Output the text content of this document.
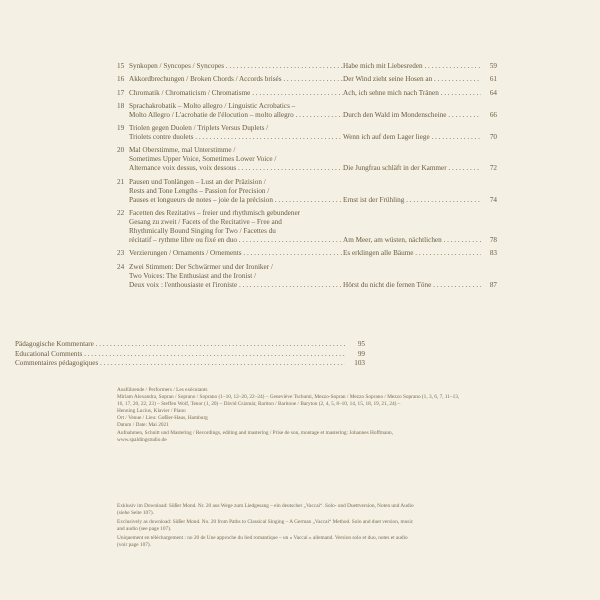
15 Synkopen / Syncopes / Syncopes . . .	Habe mich mit Liebesreden . . .	59
16 Akkordbrechungen / Broken Chords / Accords brisés . . .	Der Wind zieht seine Hosen an . . .	61
17 Chromatik / Chromaticism / Chromatisme . . .	Ach, ich sehne mich nach Tränen . . .	64
18 Sprachakrobatik – Molto allegro / Linguistic Acrobatics –
Molto Allegro / L'acrobatie de l'élocution – molto allegro . . .	Durch den Wald im Mondenscheine . . .	66
19 Triolen gegen Duolen / Triplets Versus Duplets /
Triolets contre duolets . . .	Wenn ich auf dem Lager liege . . .	70
20 Mal Oberstimme, mal Unterstimme /
Sometimes Upper Voice, Sometimes Lower Voice /
Alternance voix dessus, voix dessous . . .	Die Jungfrau schläft in der Kammer . . .	72
21 Pausen und Tonlängen – Lust an der Präzision /
Rests and Tone Lengths – Passion for Precision /
Pauses et longueurs de notes – joie de la précision . . .	Ernst ist der Frühling . . .	74
22 Facetten des Rezitativs – freier und rhythmisch gebundener
Gesang zu zweit / Facets of the Recitative – Free and
Rhythmically Bound Singing for Two / Facettes du
récitatif – rythme libre ou fixé en duo . . .	Am Meer, am wüsten, nächtlichen . . .	78
23 Verzierungen / Ornaments / Ornements . . .	Es erklingen alle Bäume . . .	83
24 Zwei Stimmen: Der Schwärmer und der Ironiker /
Two Voices: The Enthusiast and the Ironist /
Deux voix : l'enthousiaste et l'ironiste . . .	Hörst du nicht die fernen Töne . . .	87
Pädagogische Kommentare . . .	95
Educational Comments . . .	99
Commentaires pédagogiques . . .	103
Ausführende / Performers / Les exécutants
Miriam Alexandra, Sopran / Soprano / Soprano (1–10, 12–20, 22–24) – Geneviève Tschumi, Mezzo-Sopran / Mezzo Soprano / Mezzo Soprano (1, 3, 6, 7, 11–13,
16, 17, 20, 22, 23) – Steffen Wolf, Tenor (1, 20) – Dávid Csizmár, Bariton / Baritone / Baryton (2, 4, 5, 8–10, 14, 15, 18, 19, 21, 24) –
Henning Lucius, Klavier / Piano
Ort / Venue / Lieu: Goßler-Haus, Hamburg
Datum / Date: Mai 2021
Aufnahmen, Schnitt und Mastering / Recordings, editing and mastering / Prise de son, montage et mastering: Johannes Hoffmann,
www.spaldingstudio.de

Exklusiv im Download: Süßer Mond. Nr. 20 aus Wege zum Liedgesang – ein deutscher „Vaccai“. Solo- und Duettversion, Noten und Audio
(siehe Seite 107).

Exclusively as download: Süßer Mond. No. 20 from Paths to Classical Singing – A German „Vaccai“ Method. Solo and duet version, music
and audio (see page 107).

Uniquement en téléchargement : no 20 de Une approche du lied romantique – un « Vaccai » allemand. Version solo et duo, notes et audio
(voir page 107).
